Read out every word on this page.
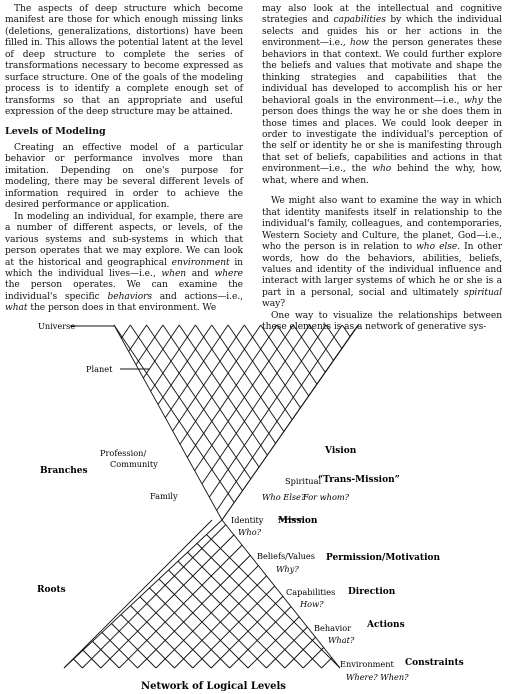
The aspects of deep structure which become manifest are those for which enough missing links (deletions, generalizations, distortions) have been filled in. This allows the potential latent at the level of deep structure to complete the series of transformations necessary to become expressed as surface structure. One of the goals of the modeling process is to identify a complete enough set of transforms so that an appropriate and useful expression of the deep structure may be attained.

Levels of Modeling

Creating an effective model of a particular behavior or performance involves more than imitation. Depending on one's purpose for modeling, there may be several different levels of information required in order to achieve the desired performance or application.

In modeling an individual, for example, there are a number of different aspects, or levels, of the various systems and sub-systems in which that person operates that we may explore. We can look at the historical and geographical environment in which the individual lives—i.e., when and where the person operates. We can examine the individual's specific behaviors and actions—i.e., what the person does in that environment. We

may also look at the intellectual and cognitive strategies and capabilities by which the individual selects and guides his or her actions in the environment—i.e., how the person generates these behaviors in that context. We could further explore the beliefs and values that motivate and shape the thinking strategies and capabilities that the individual has developed to accomplish his or her behavioral goals in the environment—i.e., why the person does things the way he or she does them in those times and places. We could look deeper in order to investigate the individual's perception of the self or identity he or she is manifesting through that set of beliefs, capabilities and actions in that environment—i.e., the who behind the why, how, what, where and when.

We might also want to examine the way in which that identity manifests itself in relationship to the individual's family, colleagues, and contemporaries, Western Society and Culture, the planet, God—i.e., who the person is in relation to who else. In other words, how do the behaviors, abilities, beliefs, values and identity of the individual influence and interact with larger systems of which he or she is a part in a personal, social and ultimately spiritual way?

One way to visualize the relationships between these elements is as a network of generative sys-

Universe
Planet
Profession/
Community
Family
Branches
Roots
Vision
Spiritual
“Trans-Mission”
Who Else?
For whom?
Identity Mission
Who?
Beliefs/Values Permission/Motivation
Why?
Capabilities Direction
How?
Behavior Actions
What?
Environment Constraints
Where? When?
Network of Logical Levels
